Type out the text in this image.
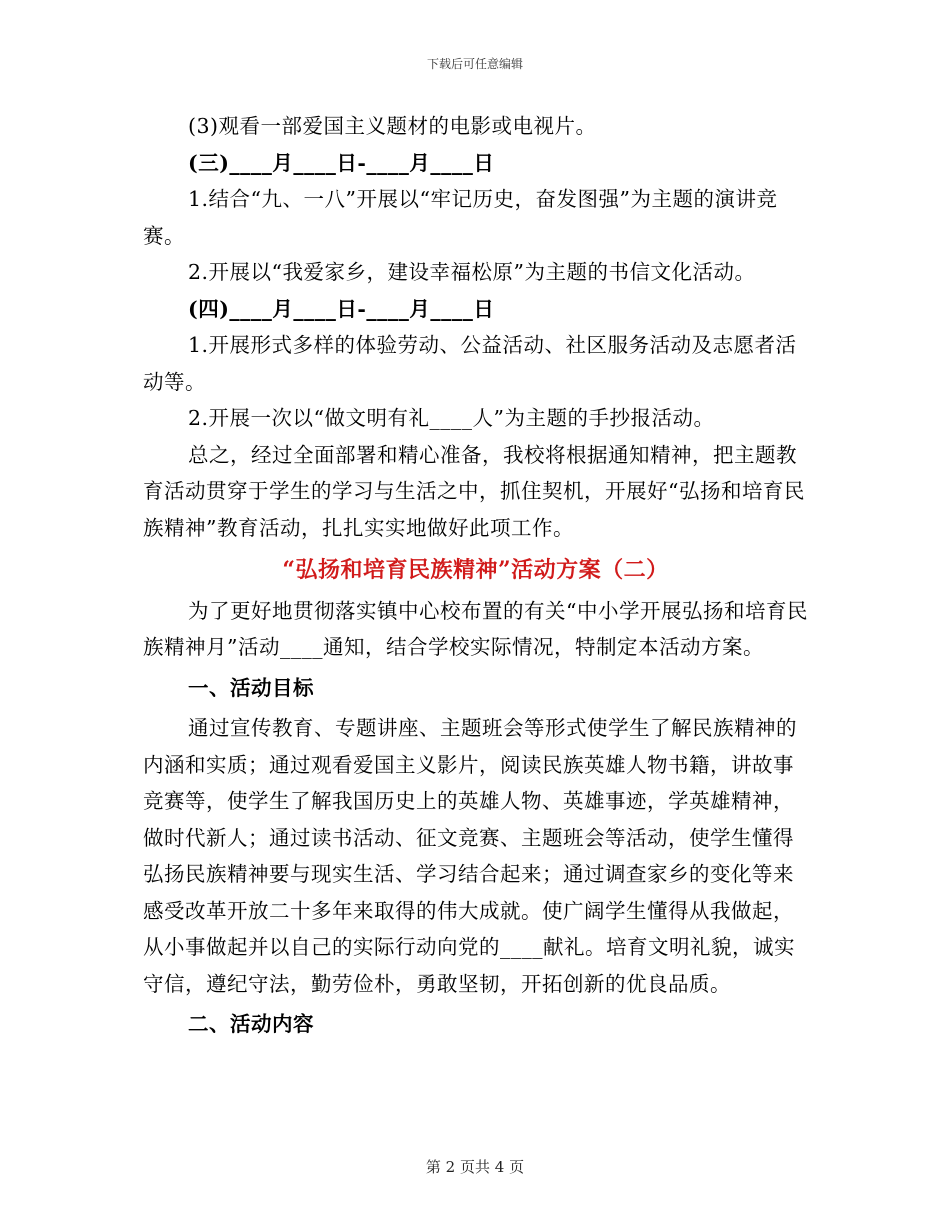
下载后可任意编辑

(3)观看一部爱国主义题材的电影或电视片。

(三)____月____日-____月____日

1.结合“九、一八”开展以“牢记历史，奋发图强”为主题的演讲竞赛。

2.开展以“我爱家乡，建设幸福松原”为主题的书信文化活动。

(四)____月____日-____月____日

1.开展形式多样的体验劳动、公益活动、社区服务活动及志愿者活动等。

2.开展一次以“做文明有礼____人”为主题的手抄报活动。

总之，经过全面部署和精心准备，我校将根据通知精神，把主题教育活动贯穿于学生的学习与生活之中，抓住契机，开展好“弘扬和培育民族精神”教育活动，扎扎实实地做好此项工作。

“弘扬和培育民族精神”活动方案（二）

为了更好地贯彻落实镇中心校布置的有关“中小学开展弘扬和培育民族精神月”活动____通知，结合学校实际情况，特制定本活动方案。

一、活动目标

通过宣传教育、专题讲座、主题班会等形式使学生了解民族精神的内涵和实质；通过观看爱国主义影片，阅读民族英雄人物书籍，讲故事竞赛等，使学生了解我国历史上的英雄人物、英雄事迹，学英雄精神，做时代新人；通过读书活动、征文竞赛、主题班会等活动，使学生懂得弘扬民族精神要与现实生活、学习结合起来；通过调查家乡的变化等来感受改革开放二十多年来取得的伟大成就。使广阔学生懂得从我做起，从小事做起并以自己的实际行动向党的____献礼。培育文明礼貌，诚实守信，遵纪守法，勤劳俭朴，勇敢坚韧，开拓创新的优良品质。

二、活动内容

第 2 页共 4 页
